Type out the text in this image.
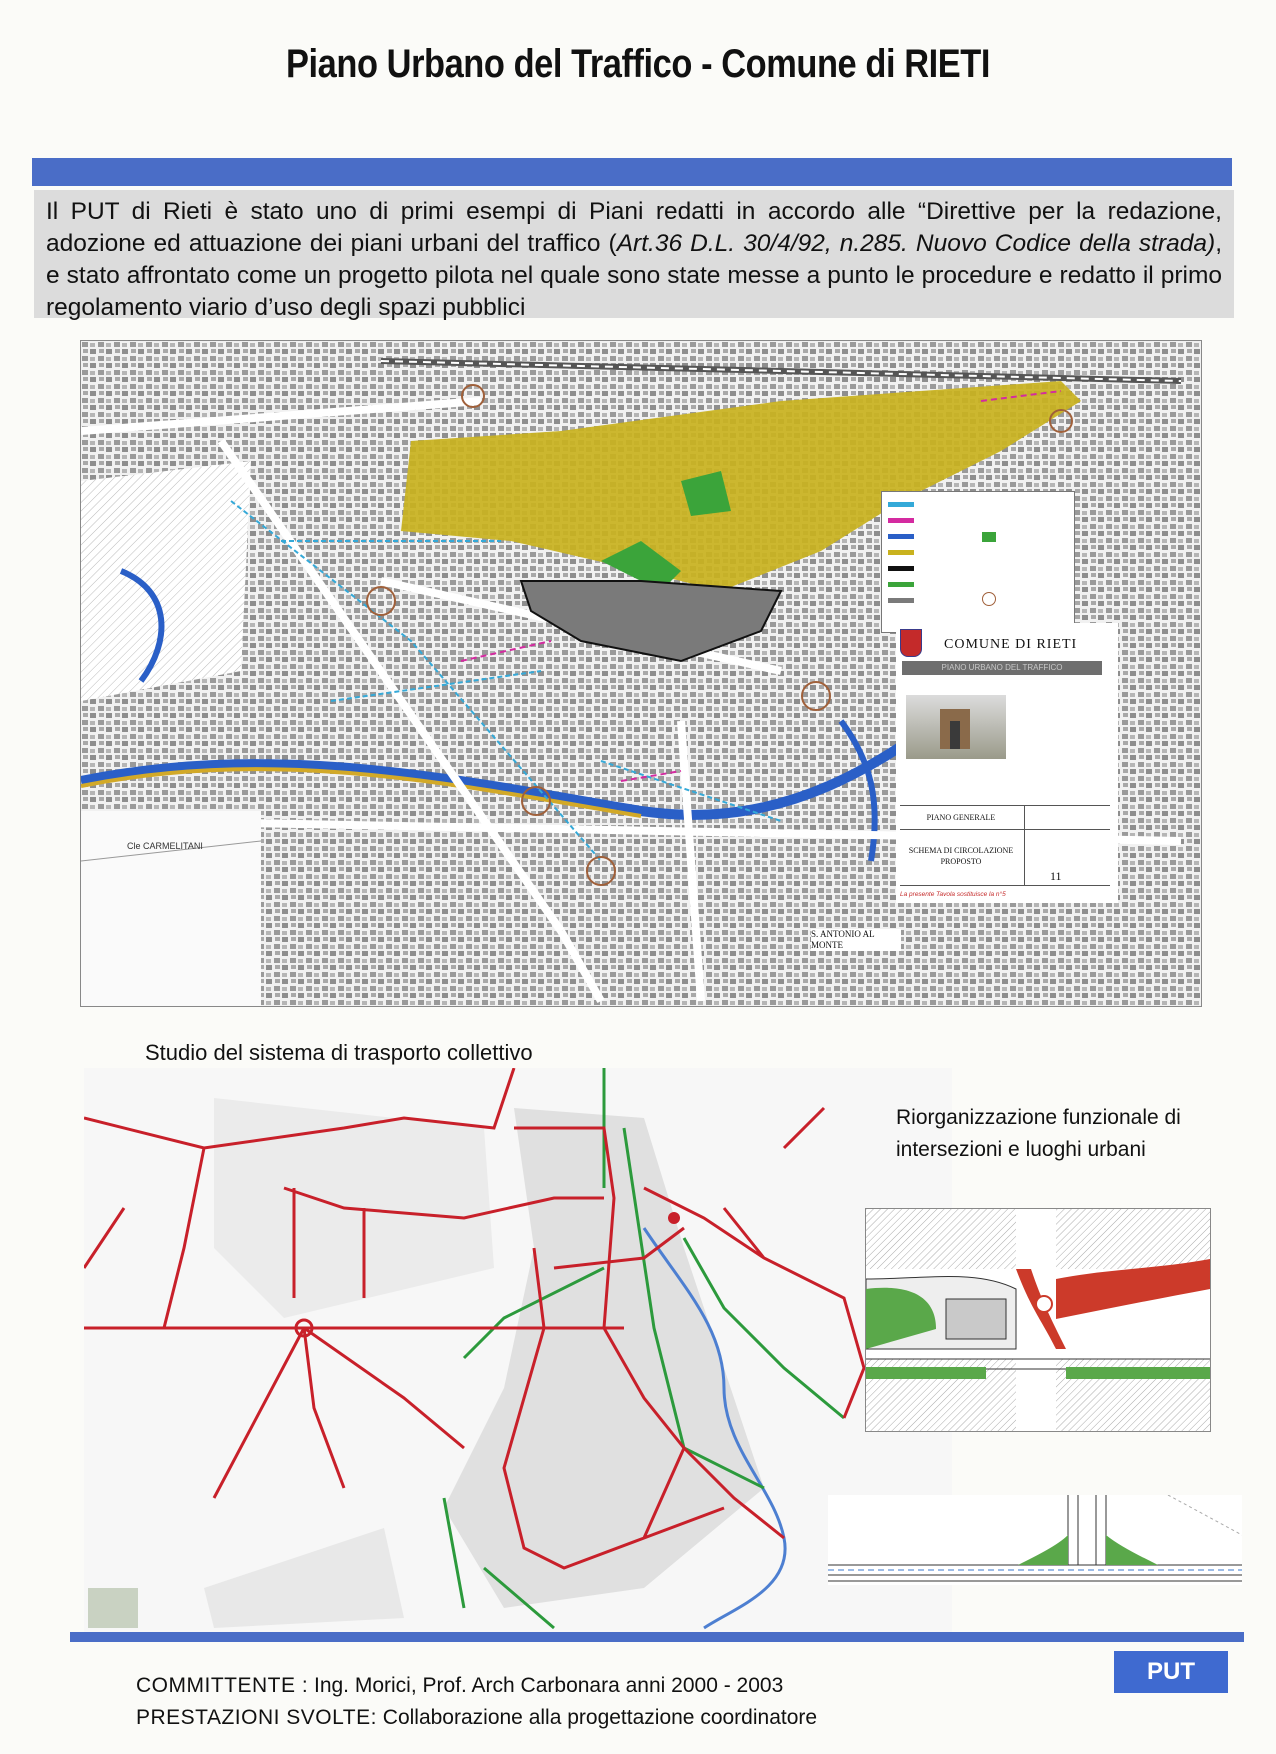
Piano Urbano del Traffico - Comune di RIETI
Il PUT di Rieti è stato uno di primi esempi di Piani redatti in accordo alle “Direttive per la redazione, adozione ed attuazione dei piani urbani del traffico (Art.36 D.L. 30/4/92, n.285. Nuovo Codice della strada), e stato affrontato come un progetto pilota nel quale sono state messe a punto le procedure e redatto il primo regolamento viario d’uso degli spazi pubblici
Cle CARMELITANI
COMUNE DI RIETI
PIANO URBANO DEL TRAFFICO
PIANO GENERALE
SCHEMA DI CIRCOLAZIONE PROPOSTO
11
La presente Tavola sostituisce la n°5
S. ANTONIO AL MONTE
Studio del sistema di trasporto collettivo
Riorganizzazione funzionale di intersezioni e luoghi urbani
COMMITTENTE : Ing. Morici, Prof. Arch Carbonara anni 2000 - 2003
PRESTAZIONI SVOLTE: Collaborazione alla progettazione coordinatore
PUT
